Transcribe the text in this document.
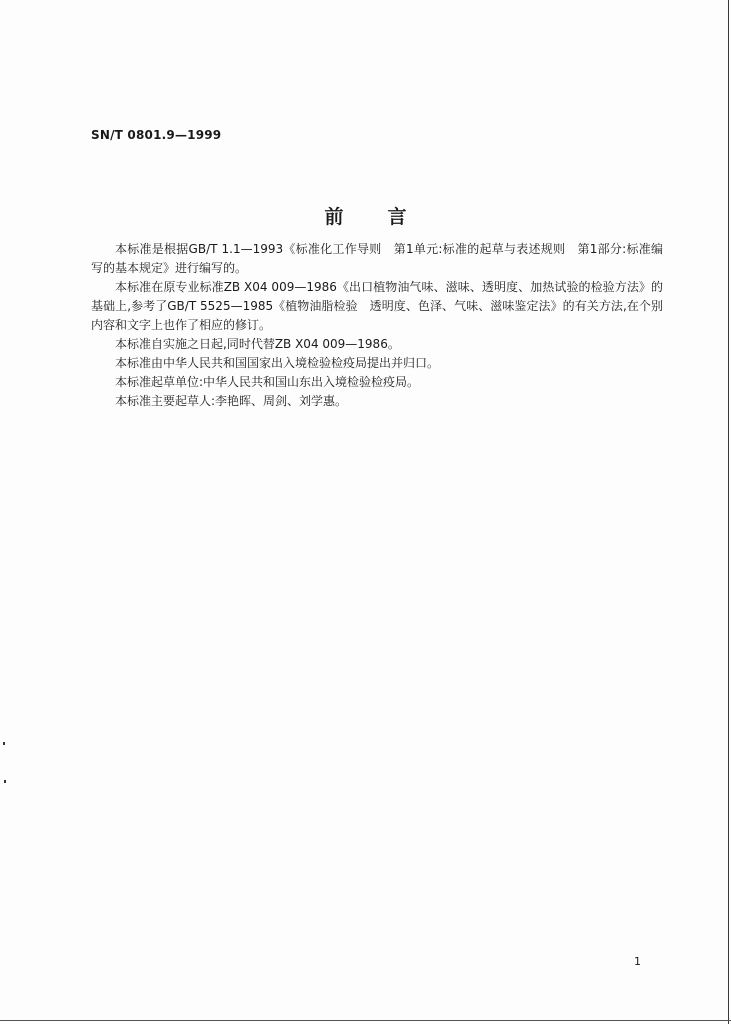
SN/T 0801.9—1999
前言

本标准是根据GB/T 1.1—1993《标准化工作导则　第1单元:标准的起草与表述规则　第1部分:标准编写的基本规定》进行编写的。

本标准在原专业标准ZB X04 009—1986《出口植物油气味、滋味、透明度、加热试验的检验方法》的基础上,参考了GB/T 5525—1985《植物油脂检验　透明度、色泽、气味、滋味鉴定法》的有关方法,在个别内容和文字上也作了相应的修订。

本标准自实施之日起,同时代替ZB X04 009—1986。

本标准由中华人民共和国国家出入境检验检疫局提出并归口。

本标准起草单位:中华人民共和国山东出入境检验检疫局。

本标准主要起草人:李艳晖、周剑、刘学惠。

1
